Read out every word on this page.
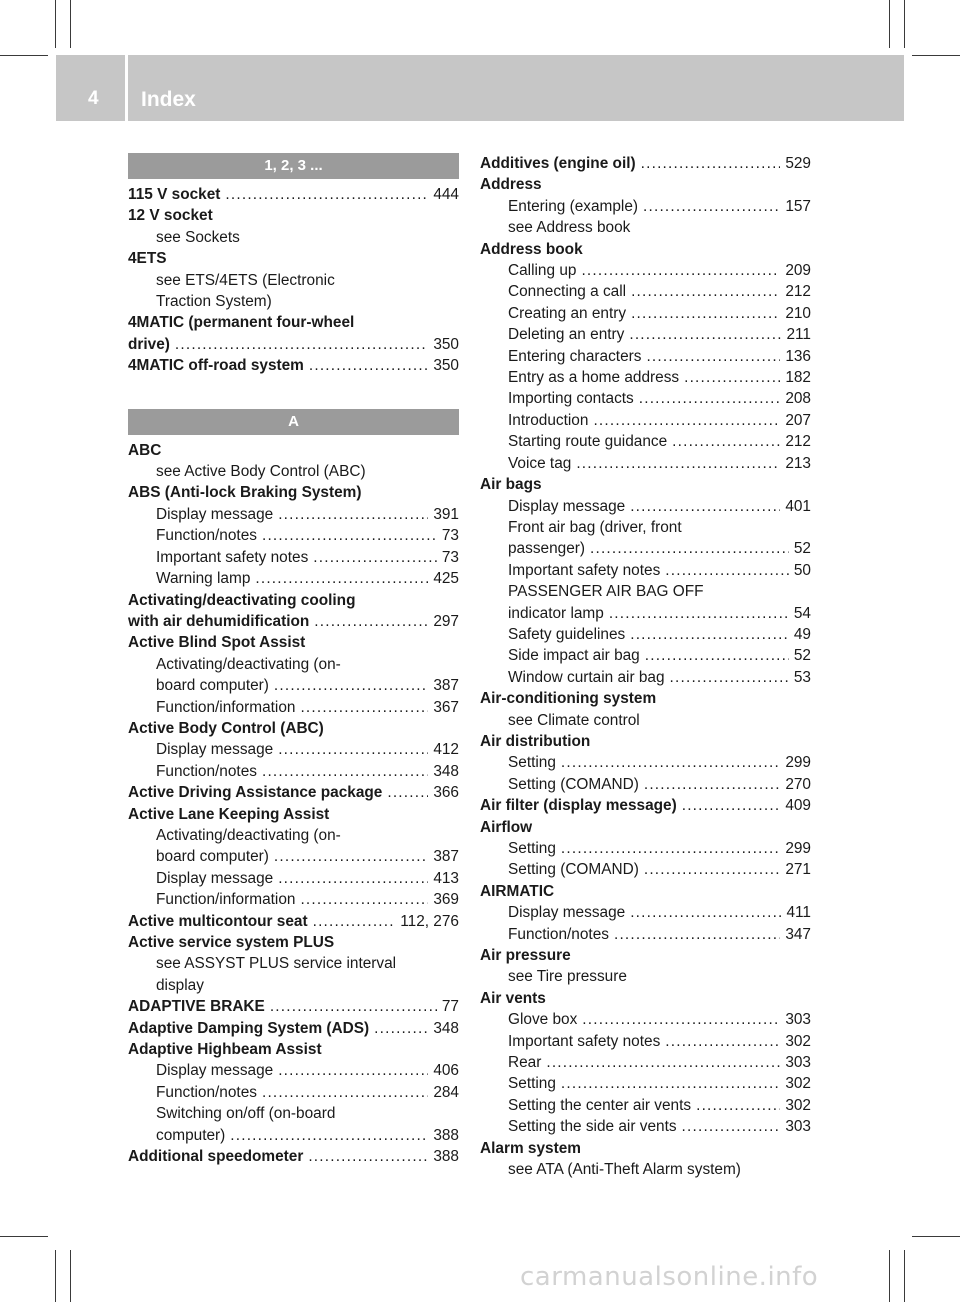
4 Index
1, 2, 3 ...
115 V socket .....	444
12 V socket
see Sockets
4ETS
see ETS/4ETS (Electronic
Traction System)
4MATIC (permanent four-wheel
drive) .....	350
4MATIC off-road system .....	350
A
ABC
see Active Body Control (ABC)
ABS (Anti-lock Braking System)
Display message .....	391
Function/notes .....	73
Important safety notes .....	73
Warning lamp .....	425
Activating/deactivating cooling
with air dehumidification .....	297
Active Blind Spot Assist
Activating/deactivating (on-
board computer) .....	387
Function/information .....	367
Active Body Control (ABC)
Display message .....	412
Function/notes .....	348
Active Driving Assistance package .....	366
Active Lane Keeping Assist
Activating/deactivating (on-
board computer) .....	387
Display message .....	413
Function/information .....	369
Active multicontour seat .....	112, 276
Active service system PLUS
see ASSYST PLUS service interval
display
ADAPTIVE BRAKE .....	77
Adaptive Damping System (ADS) .....	348
Adaptive Highbeam Assist
Display message .....	406
Function/notes .....	284
Switching on/off (on-board
computer) .....	388
Additional speedometer .....	388
Additives (engine oil) .....	529
Address
Entering (example) .....	157
see Address book
Address book
Calling up .....	209
Connecting a call .....	212
Creating an entry .....	210
Deleting an entry .....	211
Entering characters .....	136
Entry as a home address .....	182
Importing contacts .....	208
Introduction .....	207
Starting route guidance .....	212
Voice tag .....	213
Air bags
Display message .....	401
Front air bag (driver, front
passenger) .....	52
Important safety notes .....	50
PASSENGER AIR BAG OFF
indicator lamp .....	54
Safety guidelines .....	49
Side impact air bag .....	52
Window curtain air bag .....	53
Air-conditioning system
see Climate control
Air distribution
Setting .....	299
Setting (COMAND) .....	270
Air filter (display message) .....	409
Airflow
Setting .....	299
Setting (COMAND) .....	271
AIRMATIC
Display message .....	411
Function/notes .....	347
Air pressure
see Tire pressure
Air vents
Glove box .....	303
Important safety notes .....	302
Rear .....	303
Setting .....	302
Setting the center air vents .....	302
Setting the side air vents .....	303
Alarm system
see ATA (Anti-Theft Alarm system)
carmanualsonline.info
